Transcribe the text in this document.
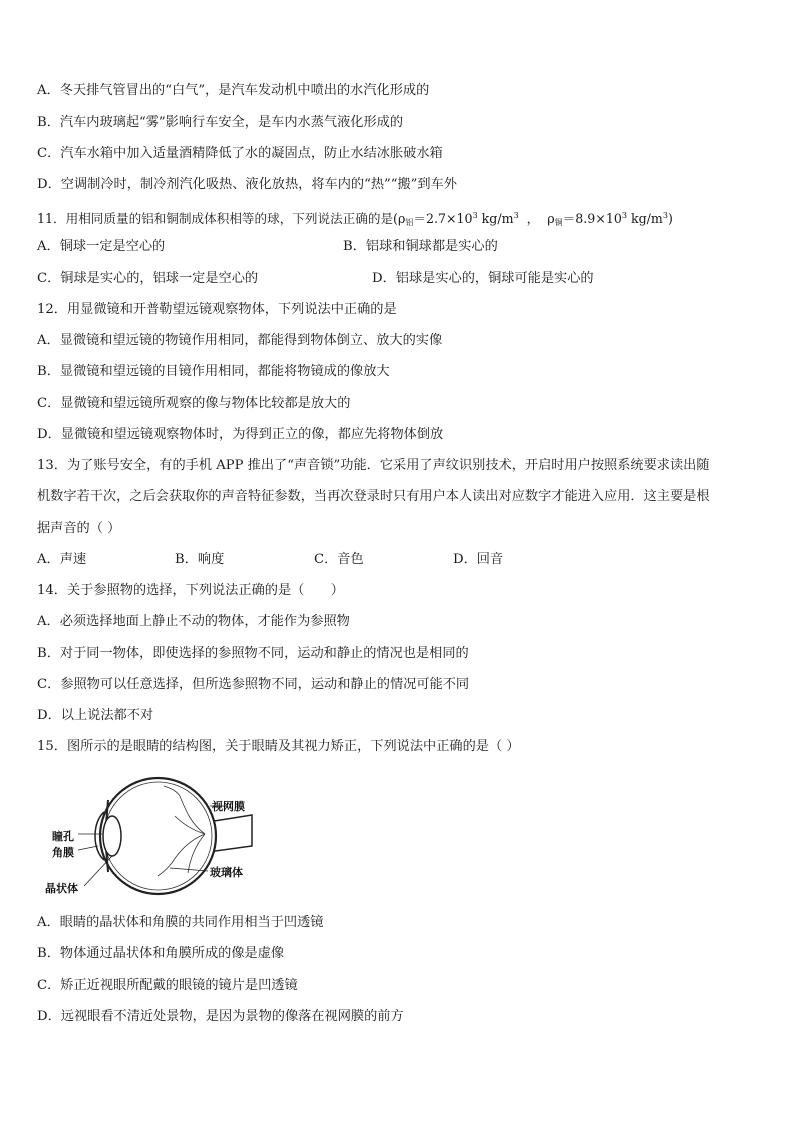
A．冬天排气管冒出的“白气”，是汽车发动机中喷出的水汽化形成的
B．汽车内玻璃起“雾”影响行车安全，是车内水蒸气液化形成的
C．汽车水箱中加入适量酒精降低了水的凝固点，防止水结冰胀破水箱
D．空调制冷时，制冷剂汽化吸热、液化放热，将车内的“热”“搬”到车外
11．用相同质量的铝和铜制成体积相等的球，下列说法正确的是($\rho_铝=2.7\times 10^3$ $kg/m^3$  ，  $\rho_铜=8.9\times 10^3$ $kg/m^3$)
A．铜球一定是空心的	B．铝球和铜球都是实心的
C．铜球是实心的，铝球一定是空心的	D．铝球是实心的，铜球可能是实心的
12．用显微镜和开普勒望远镜观察物体，下列说法中正确的是
A．显微镜和望远镜的物镜作用相同，都能得到物体倒立、放大的实像
B．显微镜和望远镜的目镜作用相同，都能将物镜成的像放大
C．显微镜和望远镜所观察的像与物体比较都是放大的
D．显微镜和望远镜观察物体时，为得到正立的像，都应先将物体倒放
13．为了账号安全，有的手机 APP 推出了“声音锁”功能．它采用了声纹识别技术，开启时用户按照系统要求读出随
机数字若干次，之后会获取你的声音特征参数，当再次登录时只有用户本人读出对应数字才能进入应用．这主要是根
据声音的（ ）
A．声速	B．响度	C．音色	D．回音
14．关于参照物的选择，下列说法正确的是（　　）
A．必须选择地面上静止不动的物体，才能作为参照物
B．对于同一物体，即使选择的参照物不同，运动和静止的情况也是相同的
C．参照物可以任意选择，但所选参照物不同，运动和静止的情况可能不同
D．以上说法都不对
15．图所示的是眼睛的结构图，关于眼睛及其视力矫正，下列说法中正确的是（ ）
视网膜
瞳孔
角膜
晶状体
玻璃体
A．眼睛的晶状体和角膜的共同作用相当于凹透镜
B．物体通过晶状体和角膜所成的像是虚像
C．矫正近视眼所配戴的眼镜的镜片是凹透镜
D．远视眼看不清近处景物，是因为景物的像落在视网膜的前方
